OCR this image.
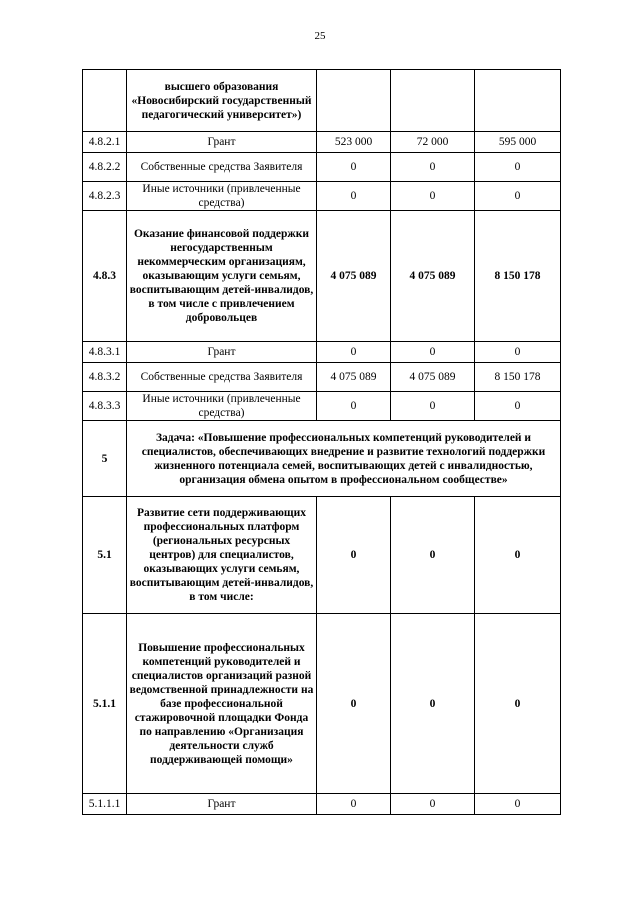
25
	высшего образования «Новосибирский государственный педагогический университет»)			
4.8.2.1	Грант	523 000	72 000	595 000
4.8.2.2	Собственные средства Заявителя	0	0	0
4.8.2.3	Иные источники (привлеченные средства)	0	0	0
4.8.3	Оказание финансовой поддержки негосударственным некоммерческим организациям, оказывающим услуги семьям, воспитывающим детей-инвалидов, в том числе с привлечением добровольцев	4 075 089	4 075 089	8 150 178
4.8.3.1	Грант	0	0	0
4.8.3.2	Собственные средства Заявителя	4 075 089	4 075 089	8 150 178
4.8.3.3	Иные источники (привлеченные средства)	0	0	0
5	Задача: «Повышение профессиональных компетенций руководителей и специалистов, обеспечивающих внедрение и развитие технологий поддержки жизненного потенциала семей, воспитывающих детей с инвалидностью, организация обмена опытом в профессиональном сообществе»			
5.1	Развитие сети поддерживающих профессиональных платформ (региональных ресурсных центров) для специалистов, оказывающих услуги семьям, воспитывающим детей-инвалидов, в том числе:	0	0	0
5.1.1	Повышение профессиональных компетенций руководителей и специалистов организаций разной ведомственной принадлежности на базе профессиональной стажировочной площадки Фонда по направлению «Организация деятельности служб поддерживающей помощи»	0	0	0
5.1.1.1	Грант	0	0	0
